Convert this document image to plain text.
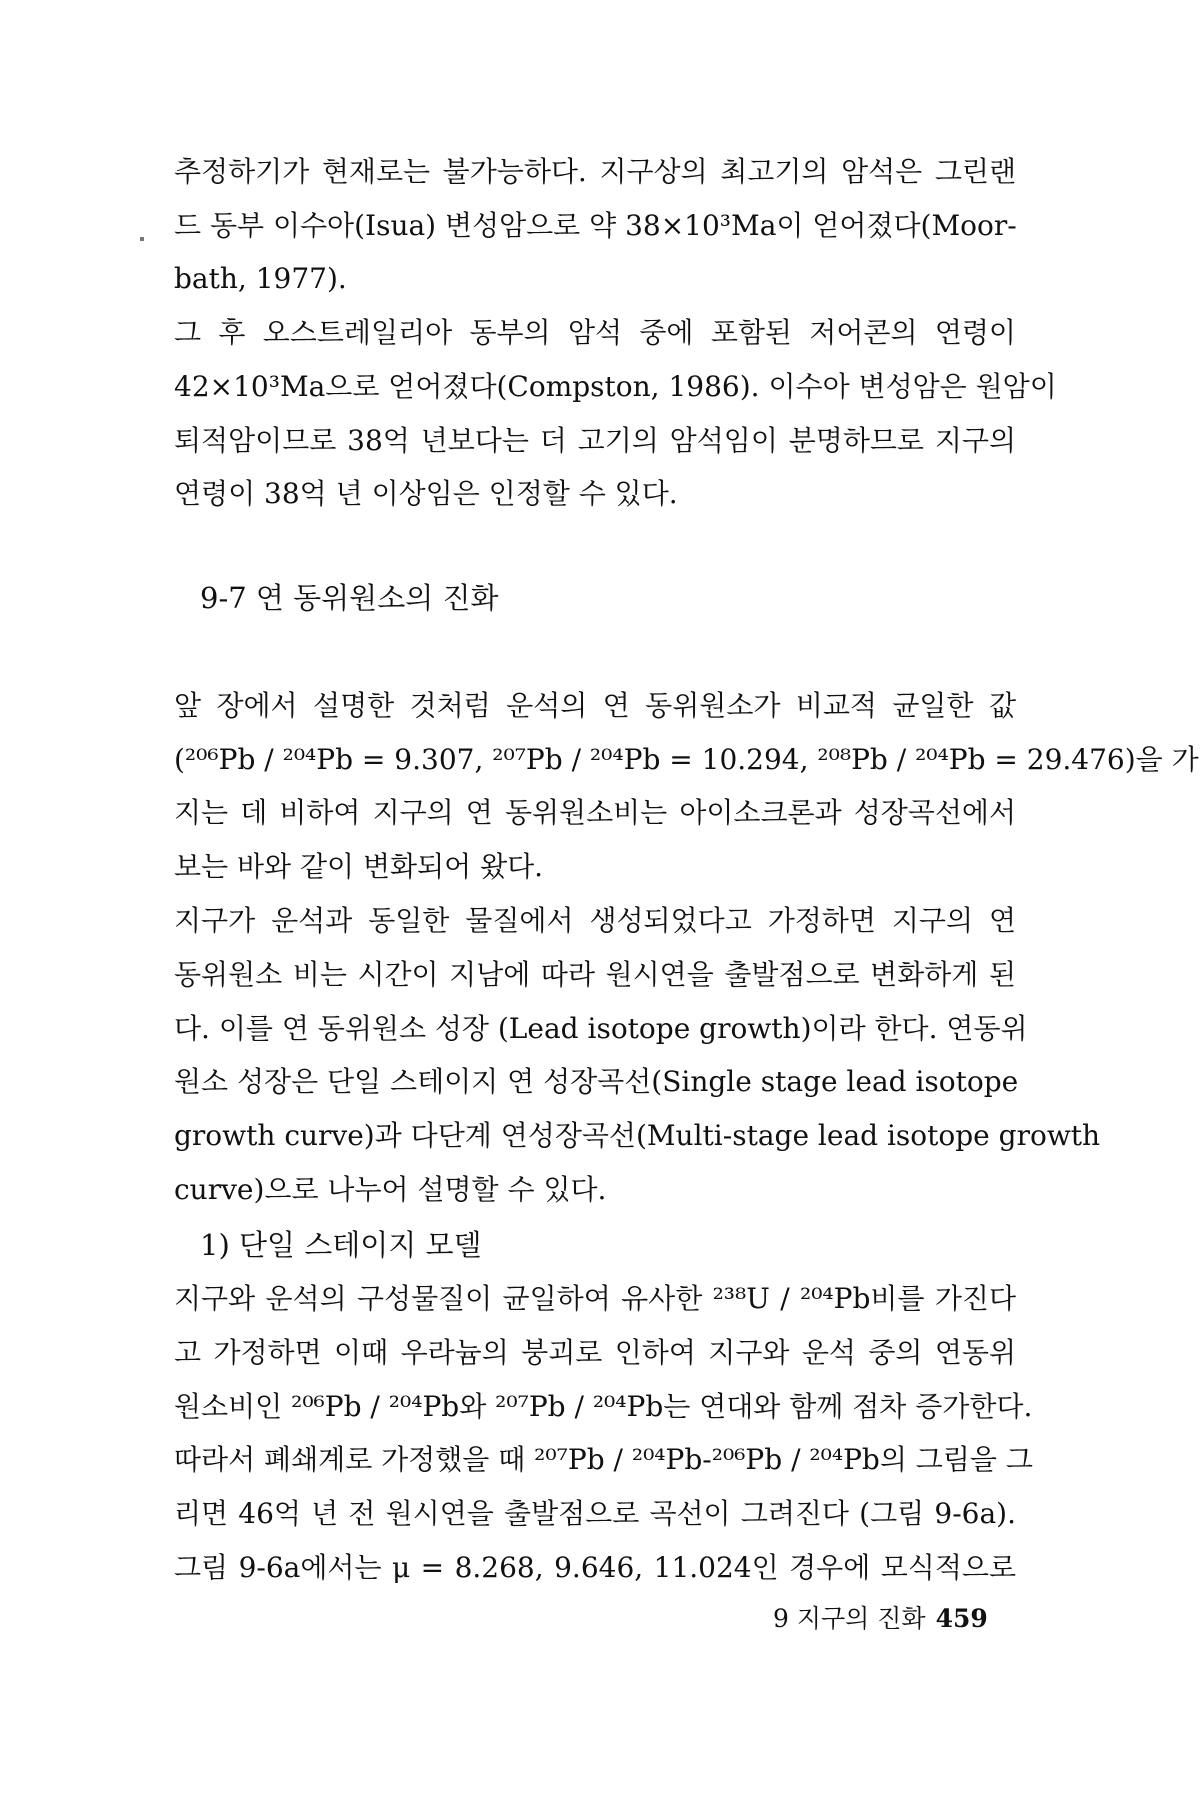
추정하기가 현재로는 불가능하다. 지구상의 최고기의 암석은 그린랜
드 동부 이수아(Isua) 변성암으로 약 38×10³Ma이 얻어졌다(Moor-
bath, 1977).
그 후 오스트레일리아 동부의 암석 중에 포함된 저어콘의 연령이
42×10³Ma으로 얻어졌다(Compston, 1986). 이수아 변성암은 원암이
퇴적암이므로 38억 년보다는 더 고기의 암석임이 분명하므로 지구의
연령이 38억 년 이상임은 인정할 수 있다.
9-7 연 동위원소의 진화
앞 장에서 설명한 것처럼 운석의 연 동위원소가 비교적 균일한 값
(²⁰⁶Pb / ²⁰⁴Pb = 9.307, ²⁰⁷Pb / ²⁰⁴Pb = 10.294, ²⁰⁸Pb / ²⁰⁴Pb = 29.476)을 가
지는 데 비하여 지구의 연 동위원소비는 아이소크론과 성장곡선에서
보는 바와 같이 변화되어 왔다.
지구가 운석과 동일한 물질에서 생성되었다고 가정하면 지구의 연
동위원소 비는 시간이 지남에 따라 원시연을 출발점으로 변화하게 된
다. 이를 연 동위원소 성장 (Lead isotope growth)이라 한다. 연동위
원소 성장은 단일 스테이지 연 성장곡선(Single stage lead isotope
growth curve)과 다단계 연성장곡선(Multi-stage lead isotope growth
curve)으로 나누어 설명할 수 있다.
1) 단일 스테이지 모델
지구와 운석의 구성물질이 균일하여 유사한 ²³⁸U / ²⁰⁴Pb비를 가진다
고 가정하면 이때 우라늄의 붕괴로 인하여 지구와 운석 중의 연동위
원소비인 ²⁰⁶Pb / ²⁰⁴Pb와 ²⁰⁷Pb / ²⁰⁴Pb는 연대와 함께 점차 증가한다.
따라서 폐쇄계로 가정했을 때 ²⁰⁷Pb / ²⁰⁴Pb-²⁰⁶Pb / ²⁰⁴Pb의 그림을 그
리면 46억 년 전 원시연을 출발점으로 곡선이 그려진다 (그림 9-6a).
그림 9-6a에서는 μ = 8.268, 9.646, 11.024인 경우에 모식적으로
9 지구의 진화 459
